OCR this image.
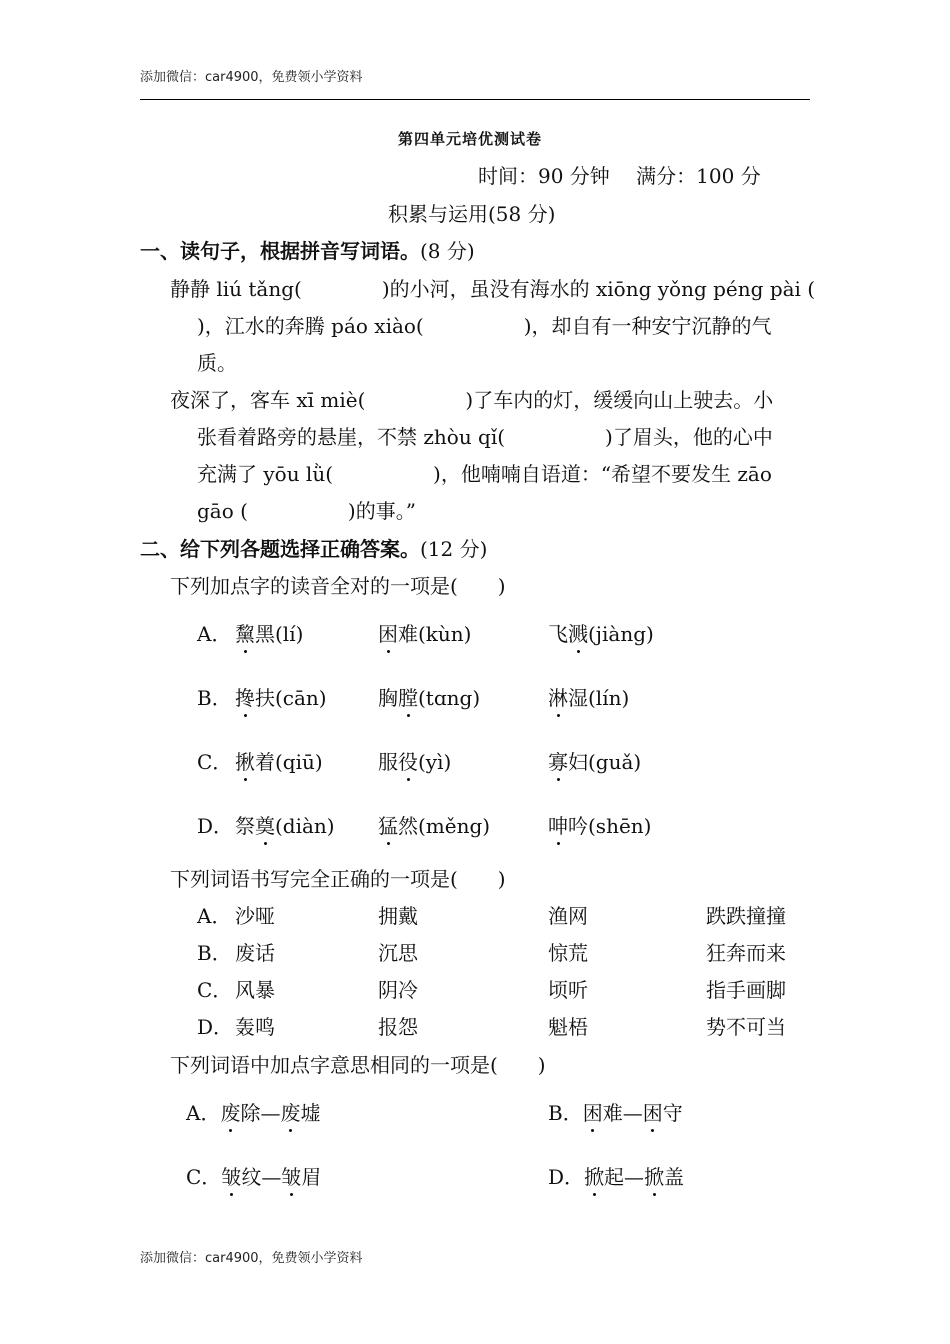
添加微信：car4900，免费领小学资料
第四单元培优测试卷
时间：90 分钟　 满分：100 分
积累与运用(58 分)
一、读句子，根据拼音写词语。(8 分)
静静 liú tǎng(　　　　)的小河，虽没有海水的 xiōng yǒng péng pài (
)，江水的奔腾 páo xiào(　　　　　)，却自有一种安宁沉静的气
质。
夜深了，客车 xī miè(　　　　　)了车内的灯，缓缓向山上驶去。小
张看着路旁的悬崖，不禁 zhòu qǐ(　　　　　)了眉头，他的心中
充满了 yōu lǜ(　　　　　)，他喃喃自语道：“希望不要发生 zāo
gāo (　　　　　)的事。”
二、给下列各题选择正确答案。(12 分)
下列加点字的读音全对的一项是(　　)
A． 黧黑(lí)	困难(kùn)	飞溅(jiàng)
B． 搀扶(cān)	胸膛(tɑng)	淋湿(lín)
C． 揪着(qiū)	服役(yì)	寡妇(guǎ)
D． 祭奠(diàn) 猛然(měng)	呻吟(shēn)
下列词语书写完全正确的一项是(　　)
A． 沙哑	拥戴	渔网	跌跌撞撞
B． 废话	沉思	惊荒	狂奔而来
C． 风暴	阴冷	顷听	指手画脚
D． 轰鸣	报怨	魁梧	势不可当
下列词语中加点字意思相同的一项是(　　)
A．废除—废墟	B．困难—困守
C．皱纹—皱眉	D．掀起—掀盖
添加微信：car4900，免费领小学资料
